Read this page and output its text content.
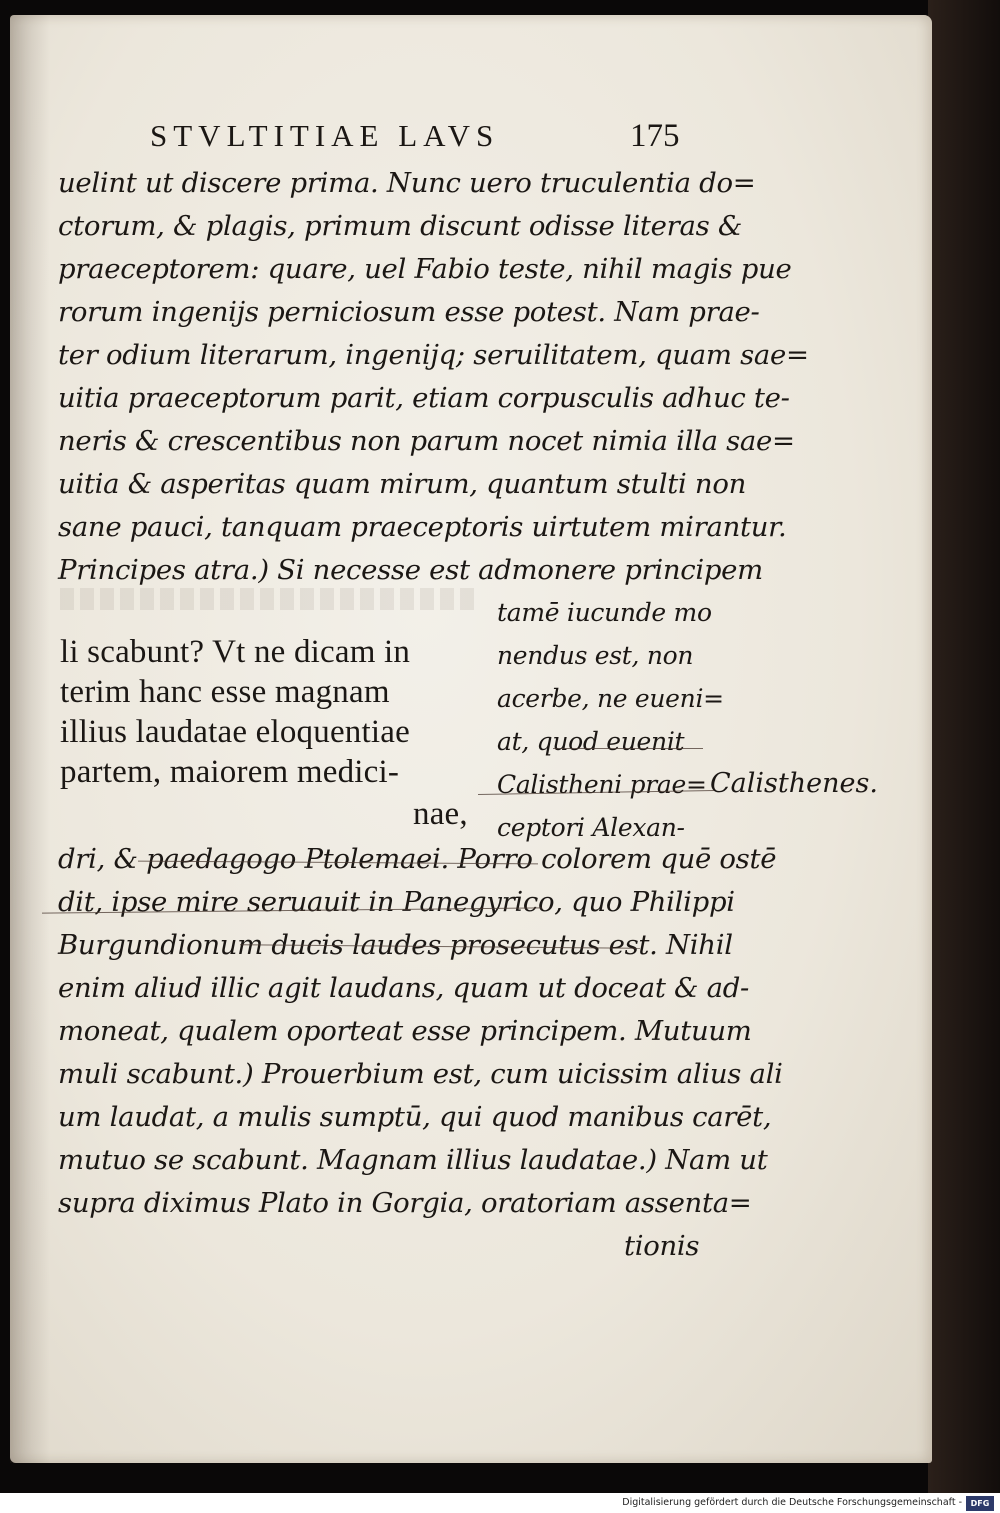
STVLTITIAE LAVS	175
uelint ut discere prima. Nunc uero truculentia do=
ctorum, & plagis, primum discunt odisse literas &
praeceptorem: quare, uel Fabio teste, nihil magis pue
rorum ingenijs perniciosum esse potest. Nam prae-
ter odium literarum, ingenijq; seruilitatem, quam sae=
uitia praeceptorum parit, etiam corpusculis adhuc te-
neris & crescentibus non parum nocet nimia illa sae=
uitia & asperitas quam mirum, quantum stulti non
sane pauci, tanquam praeceptoris uirtutem mirantur.
Principes atra.) Si necesse est admonere principem
tamē iucunde mo
nendus est, non
acerbe, ne eueni=
at, quod euenit
Calistheni prae=
ceptori Alexan-
li scabunt? Vt ne dicam in
terim hanc esse magnam
illius laudatae eloquentiae
partem, maiorem medici-
nae,
Calisthenes.
dri, & paedagogo Ptolemaei. Porro colorem quē ostē
dit, ipse mire seruauit in Panegyrico, quo Philippi
Burgundionum ducis laudes prosecutus est. Nihil
enim aliud illic agit laudans, quam ut doceat & ad-
moneat, qualem oporteat esse principem. Mutuum
muli scabunt.) Prouerbium est, cum uicissim alius ali
um laudat, a mulis sumptū, qui quod manibus carēt,
mutuo se scabunt. Magnam illius laudatae.) Nam ut
supra diximus Plato in Gorgia, oratoriam assenta=
tionis
Digitalisierung gefördert durch die Deutsche Forschungsgemeinschaft -	DFG
